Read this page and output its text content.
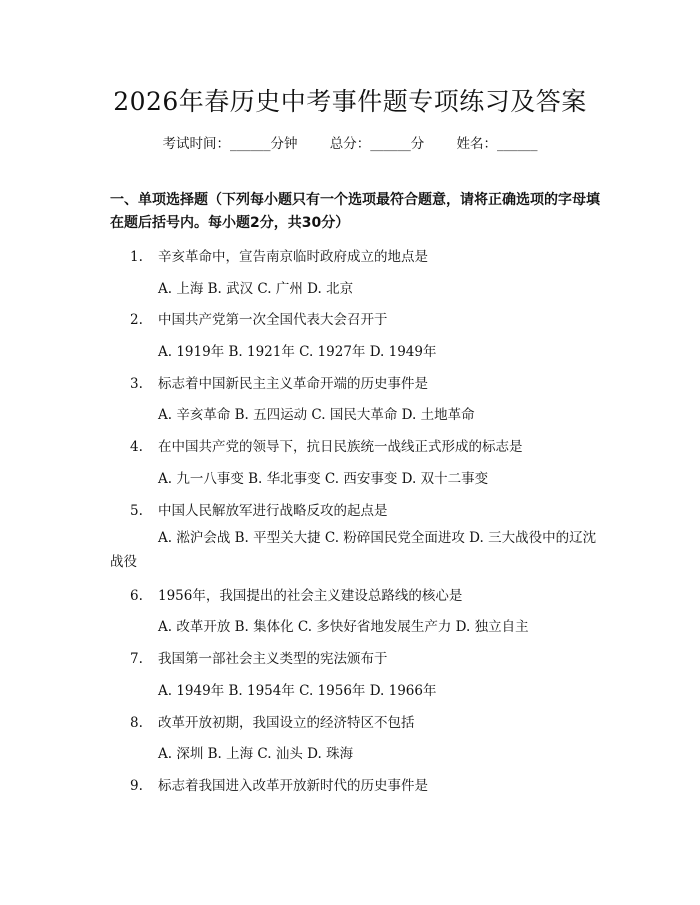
2026年春历史中考事件题专项练习及答案
考试时间：______分钟 总分：______分 姓名：______
一、单项选择题（下列每小题只有一个选项最符合题意，请将正确选项的字母填在题后括号内。每小题2分，共30分）
1. 辛亥革命中，宣告南京临时政府成立的地点是
A. 上海 B. 武汉 C. 广州 D. 北京
2. 中国共产党第一次全国代表大会召开于
A. 1919年 B. 1921年 C. 1927年 D. 1949年
3. 标志着中国新民主主义革命开端的历史事件是
A. 辛亥革命 B. 五四运动 C. 国民大革命 D. 土地革命
4. 在中国共产党的领导下，抗日民族统一战线正式形成的标志是
A. 九一八事变 B. 华北事变 C. 西安事变 D. 双十二事变
5. 中国人民解放军进行战略反攻的起点是
A. 淞沪会战 B. 平型关大捷 C. 粉碎国民党全面进攻 D. 三大战役中的辽沈战役
6. 1956年，我国提出的社会主义建设总路线的核心是
A. 改革开放 B. 集体化 C. 多快好省地发展生产力 D. 独立自主
7. 我国第一部社会主义类型的宪法颁布于
A. 1949年 B. 1954年 C. 1956年 D. 1966年
8. 改革开放初期，我国设立的经济特区不包括
A. 深圳 B. 上海 C. 汕头 D. 珠海
9. 标志着我国进入改革开放新时代的历史事件是
